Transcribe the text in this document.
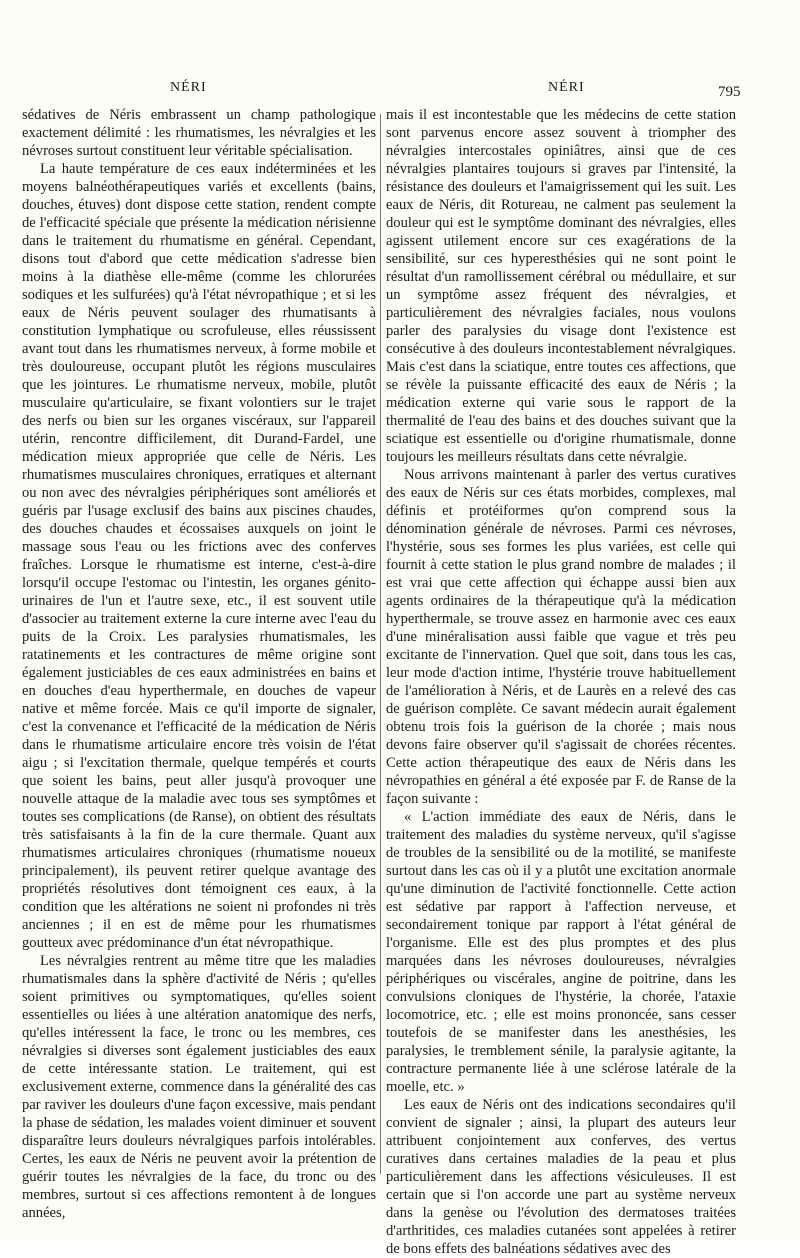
NÉRI	NÉRI	795

sédatives de Néris embrassent un champ pathologique exactement délimité : les rhumatismes, les névralgies et les névroses surtout constituent leur véritable spécialisation.

La haute température de ces eaux indéterminées et les moyens balnéothérapeutiques variés et excellents (bains, douches, étuves) dont dispose cette station, rendent compte de l'efficacité spéciale que présente la médication nérisienne dans le traitement du rhumatisme en général. Cependant, disons tout d'abord que cette médication s'adresse bien moins à la diathèse elle-même (comme les chlorurées sodiques et les sulfurées) qu'à l'état névropathique ; et si les eaux de Néris peuvent soulager des rhumatisants à constitution lymphatique ou scrofuleuse, elles réussissent avant tout dans les rhumatismes nerveux, à forme mobile et très douloureuse, occupant plutôt les régions musculaires que les jointures. Le rhumatisme nerveux, mobile, plutôt musculaire qu'articulaire, se fixant volontiers sur le trajet des nerfs ou bien sur les organes viscéraux, sur l'appareil utérin, rencontre difficilement, dit Durand-Fardel, une médication mieux appropriée que celle de Néris. Les rhumatismes musculaires chroniques, erratiques et alternant ou non avec des névralgies périphériques sont améliorés et guéris par l'usage exclusif des bains aux piscines chaudes, des douches chaudes et écossaises auxquels on joint le massage sous l'eau ou les frictions avec des conferves fraîches. Lorsque le rhumatisme est interne, c'est-à-dire lorsqu'il occupe l'estomac ou l'intestin, les organes génito-urinaires de l'un et l'autre sexe, etc., il est souvent utile d'associer au traitement externe la cure interne avec l'eau du puits de la Croix. Les paralysies rhumatismales, les ratatinements et les contractures de même origine sont également justiciables de ces eaux administrées en bains et en douches d'eau hyperthermale, en douches de vapeur native et même forcée. Mais ce qu'il importe de signaler, c'est la convenance et l'efficacité de la médication de Néris dans le rhumatisme articulaire encore très voisin de l'état aigu ; si l'excitation thermale, quelque tempérés et courts que soient les bains, peut aller jusqu'à provoquer une nouvelle attaque de la maladie avec tous ses symptômes et toutes ses complications (de Ranse), on obtient des résultats très satisfaisants à la fin de la cure thermale. Quant aux rhumatismes articulaires chroniques (rhumatisme noueux principalement), ils peuvent retirer quelque avantage des propriétés résolutives dont témoignent ces eaux, à la condition que les altérations ne soient ni profondes ni très anciennes ; il en est de même pour les rhumatismes goutteux avec prédominance d'un état névropathique.

Les névralgies rentrent au même titre que les maladies rhumatismales dans la sphère d'activité de Néris ; qu'elles soient primitives ou symptomatiques, qu'elles soient essentielles ou liées à une altération anatomique des nerfs, qu'elles intéressent la face, le tronc ou les membres, ces névralgies si diverses sont également justiciables des eaux de cette intéressante station. Le traitement, qui est exclusivement externe, commence dans la généralité des cas par raviver les douleurs d'une façon excessive, mais pendant la phase de sédation, les malades voient diminuer et souvent disparaître leurs douleurs névralgiques parfois intolérables. Certes, les eaux de Néris ne peuvent avoir la prétention de guérir toutes les névralgies de la face, du tronc ou des membres, surtout si ces affections remontent à de longues années,

mais il est incontestable que les médecins de cette station sont parvenus encore assez souvent à triompher des névralgies intercostales opiniâtres, ainsi que de ces névralgies plantaires toujours si graves par l'intensité, la résistance des douleurs et l'amaigrissement qui les suit. Les eaux de Néris, dit Rotureau, ne calment pas seulement la douleur qui est le symptôme dominant des névralgies, elles agissent utilement encore sur ces exagérations de la sensibilité, sur ces hyperesthésies qui ne sont point le résultat d'un ramollissement cérébral ou médullaire, et sur un symptôme assez fréquent des névralgies, et particulièrement des névralgies faciales, nous voulons parler des paralysies du visage dont l'existence est consécutive à des douleurs incontestablement névralgiques. Mais c'est dans la sciatique, entre toutes ces affections, que se révèle la puissante efficacité des eaux de Néris ; la médication externe qui varie sous le rapport de la thermalité de l'eau des bains et des douches suivant que la sciatique est essentielle ou d'origine rhumatismale, donne toujours les meilleurs résultats dans cette névralgie.

Nous arrivons maintenant à parler des vertus curatives des eaux de Néris sur ces états morbides, complexes, mal définis et protéiformes qu'on comprend sous la dénomination générale de névroses. Parmi ces névroses, l'hystérie, sous ses formes les plus variées, est celle qui fournit à cette station le plus grand nombre de malades ; il est vrai que cette affection qui échappe aussi bien aux agents ordinaires de la thérapeutique qu'à la médication hyperthermale, se trouve assez en harmonie avec ces eaux d'une minéralisation aussi faible que vague et très peu excitante de l'innervation. Quel que soit, dans tous les cas, leur mode d'action intime, l'hystérie trouve habituellement de l'amélioration à Néris, et de Laurès en a relevé des cas de guérison complète. Ce savant médecin aurait également obtenu trois fois la guérison de la chorée ; mais nous devons faire observer qu'il s'agissait de chorées récentes. Cette action thérapeutique des eaux de Néris dans les névropathies en général a été exposée par F. de Ranse de la façon suivante :

« L'action immédiate des eaux de Néris, dans le traitement des maladies du système nerveux, qu'il s'agisse de troubles de la sensibilité ou de la motilité, se manifeste surtout dans les cas où il y a plutôt une excitation anormale qu'une diminution de l'activité fonctionnelle. Cette action est sédative par rapport à l'affection nerveuse, et secondairement tonique par rapport à l'état général de l'organisme. Elle est des plus promptes et des plus marquées dans les névroses douloureuses, névralgies périphériques ou viscérales, angine de poitrine, dans les convulsions cloniques de l'hystérie, la chorée, l'ataxie locomotrice, etc. ; elle est moins prononcée, sans cesser toutefois de se manifester dans les anesthésies, les paralysies, le tremblement sénile, la paralysie agitante, la contracture permanente liée à une sclérose latérale de la moelle, etc. »

Les eaux de Néris ont des indications secondaires qu'il convient de signaler ; ainsi, la plupart des auteurs leur attribuent conjointement aux conferves, des vertus curatives dans certaines maladies de la peau et plus particulièrement dans les affections vésiculeuses. Il est certain que si l'on accorde une part au système nerveux dans la genèse ou l'évolution des dermatoses traitées d'arthritides, ces maladies cutanées sont appelées à retirer de bons effets des balnéations sédatives avec des
